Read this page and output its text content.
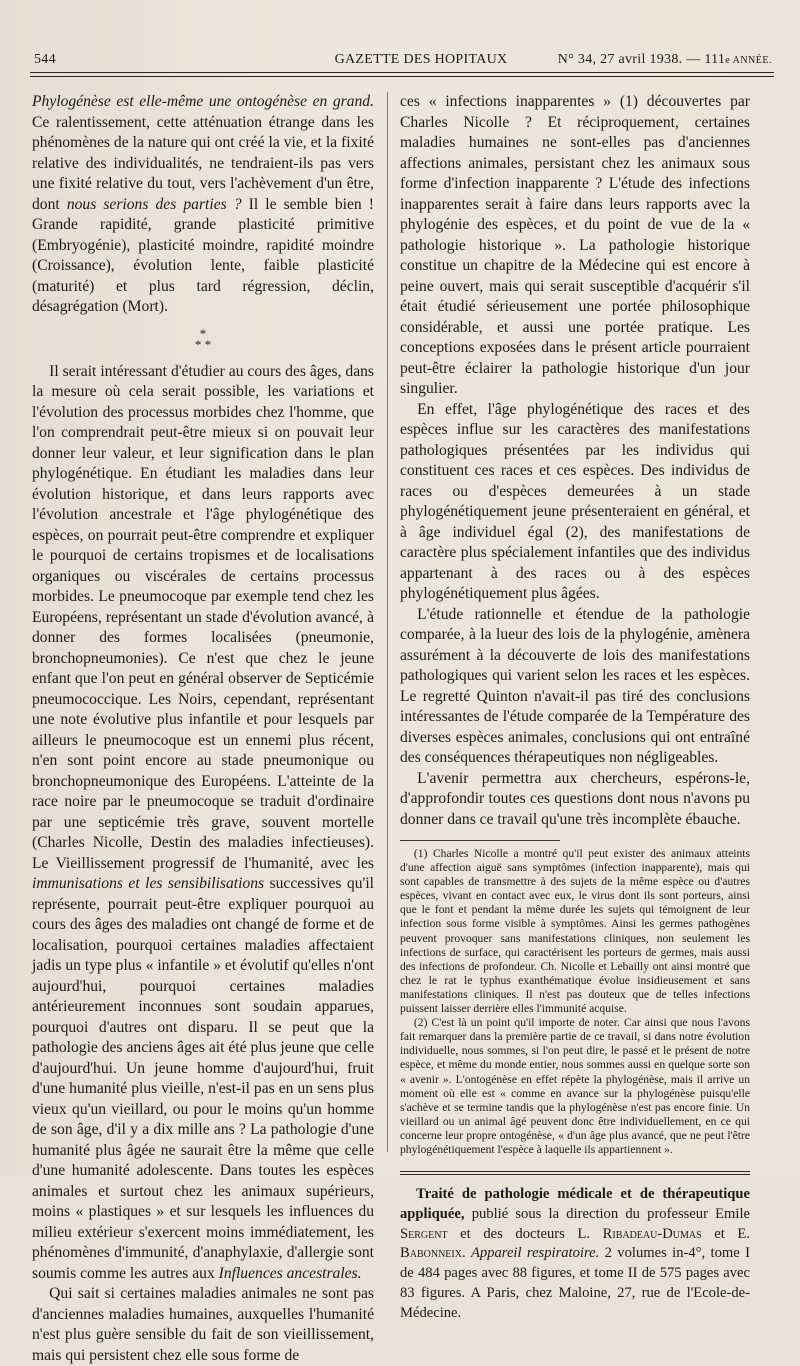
544	GAZETTE DES HOPITAUX	N° 34, 27 avril 1938. — 111e ANNÉE.

Phylogénèse est elle-même une ontogénèse en grand. Ce ralentissement, cette atténuation étrange dans les phénomènes de la nature qui ont créé la vie, et la fixité relative des individualités, ne tendraient-ils pas vers une fixité relative du tout, vers l'achèvement d'un être, dont nous serions des parties ? Il le semble bien ! Grande rapidité, grande plasticité primitive (Embryogénie), plasticité moindre, rapidité moindre (Croissance), évolution lente, faible plasticité (maturité) et plus tard régression, déclin, désagrégation (Mort).

*
* *

Il serait intéressant d'étudier au cours des âges, dans la mesure où cela serait possible, les variations et l'évolution des processus morbides chez l'homme, que l'on comprendrait peut-être mieux si on pouvait leur donner leur valeur, et leur signification dans le plan phylogénétique. En étudiant les maladies dans leur évolution historique, et dans leurs rapports avec l'évolution ancestrale et l'âge phylogénétique des espèces, on pourrait peut-être comprendre et expliquer le pourquoi de certains tropismes et de localisations organiques ou viscérales de certains processus morbides. Le pneumocoque par exemple tend chez les Européens, représentant un stade d'évolution avancé, à donner des formes localisées (pneumonie, bronchopneumonies). Ce n'est que chez le jeune enfant que l'on peut en général observer de Septicémie pneumococcique. Les Noirs, cependant, représentant une note évolutive plus infantile et pour lesquels par ailleurs le pneumocoque est un ennemi plus récent, n'en sont point encore au stade pneumonique ou bronchopneumonique des Européens. L'atteinte de la race noire par le pneumocoque se traduit d'ordinaire par une septicémie très grave, souvent mortelle (Charles Nicolle, Destin des maladies infectieuses). Le Vieillissement progressif de l'humanité, avec les immunisations et les sensibilisations successives qu'il représente, pourrait peut-être expliquer pourquoi au cours des âges des maladies ont changé de forme et de localisation, pourquoi certaines maladies affectaient jadis un type plus « infantile » et évolutif qu'elles n'ont aujourd'hui, pourquoi certaines maladies antérieurement inconnues sont soudain apparues, pourquoi d'autres ont disparu. Il se peut que la pathologie des anciens âges ait été plus jeune que celle d'aujourd'hui. Un jeune homme d'aujourd'hui, fruit d'une humanité plus vieille, n'est-il pas en un sens plus vieux qu'un vieillard, ou pour le moins qu'un homme de son âge, d'il y a dix mille ans ? La pathologie d'une humanité plus âgée ne saurait être la même que celle d'une humanité adolescente. Dans toutes les espèces animales et surtout chez les animaux supérieurs, moins « plastiques » et sur lesquels les influences du milieu extérieur s'exercent moins immédiatement, les phénomènes d'immunité, d'anaphylaxie, d'allergie sont soumis comme les autres aux Influences ancestrales.

Qui sait si certaines maladies animales ne sont pas d'anciennes maladies humaines, auxquelles l'humanité n'est plus guère sensible du fait de son vieillissement, mais qui persistent chez elle sous forme de

ces « infections inapparentes » (1) découvertes par Charles Nicolle ? Et réciproquement, certaines maladies humaines ne sont-elles pas d'anciennes affections animales, persistant chez les animaux sous forme d'infection inapparente ? L'étude des infections inapparentes serait à faire dans leurs rapports avec la phylogénie des espèces, et du point de vue de la « pathologie historique ». La pathologie historique constitue un chapitre de la Médecine qui est encore à peine ouvert, mais qui serait susceptible d'acquérir s'il était étudié sérieusement une portée philosophique considérable, et aussi une portée pratique. Les conceptions exposées dans le présent article pourraient peut-être éclairer la pathologie historique d'un jour singulier.

En effet, l'âge phylogénétique des races et des espèces influe sur les caractères des manifestations pathologiques présentées par les individus qui constituent ces races et ces espèces. Des individus de races ou d'espèces demeurées à un stade phylogénétiquement jeune présenteraient en général, et à âge individuel égal (2), des manifestations de caractère plus spécialement infantiles que des individus appartenant à des races ou à des espèces phylogénétiquement plus âgées.

L'étude rationnelle et étendue de la pathologie comparée, à la lueur des lois de la phylogénie, amènera assurément à la découverte de lois des manifestations pathologiques qui varient selon les races et les espèces. Le regretté Quinton n'avait-il pas tiré des conclusions intéressantes de l'étude comparée de la Température des diverses espèces animales, conclusions qui ont entraîné des conséquences thérapeutiques non négligeables.

L'avenir permettra aux chercheurs, espérons-le, d'approfondir toutes ces questions dont nous n'avons pu donner dans ce travail qu'une très incomplète ébauche.

(1) Charles Nicolle a montré qu'il peut exister des animaux atteints d'une affection aiguë sans symptômes (infection inapparente), mais qui sont capables de transmettre à des sujets de la même espèce ou d'autres espèces, vivant en contact avec eux, le virus dont ils sont porteurs, ainsi que le font et pendant la même durée les sujets qui témoignent de leur infection sous forme visible à symptômes. Ainsi les germes pathogènes peuvent provoquer sans manifestations cliniques, non seulement les infections de surface, qui caractérisent les porteurs de germes, mais aussi des infections de profondeur. Ch. Nicolle et Lebailly ont ainsi montré que chez le rat le typhus exanthématique évolue insidieusement et sans manifestations cliniques. Il n'est pas douteux que de telles infections puissent laisser derrière elles l'immunité acquise.

(2) C'est là un point qu'il importe de noter. Car ainsi que nous l'avons fait remarquer dans la première partie de ce travail, si dans notre évolution individuelle, nous sommes, si l'on peut dire, le passé et le présent de notre espèce, et même du monde entier, nous sommes aussi en quelque sorte son « avenir ». L'ontogénèse en effet répète la phylogénèse, mais il arrive un moment où elle est « comme en avance sur la phylogénèse puisqu'elle s'achève et se termine tandis que la phylogénèse n'est pas encore finie. Un vieillard ou un animal âgé peuvent donc être individuellement, en ce qui concerne leur propre ontogénèse, « d'un âge plus avancé, que ne peut l'être phylogénétiquement l'espèce à laquelle ils appartiennent ».

Traité de pathologie médicale et de thérapeutique appliquée, publié sous la direction du professeur Emile Sergent et des docteurs L. Ribadeau-Dumas et E. Babonneix. Appareil respiratoire. 2 volumes in-4°, tome I de 484 pages avec 88 figures, et tome II de 575 pages avec 83 figures. A Paris, chez Maloine, 27, rue de l'Ecole-de-Médecine.
